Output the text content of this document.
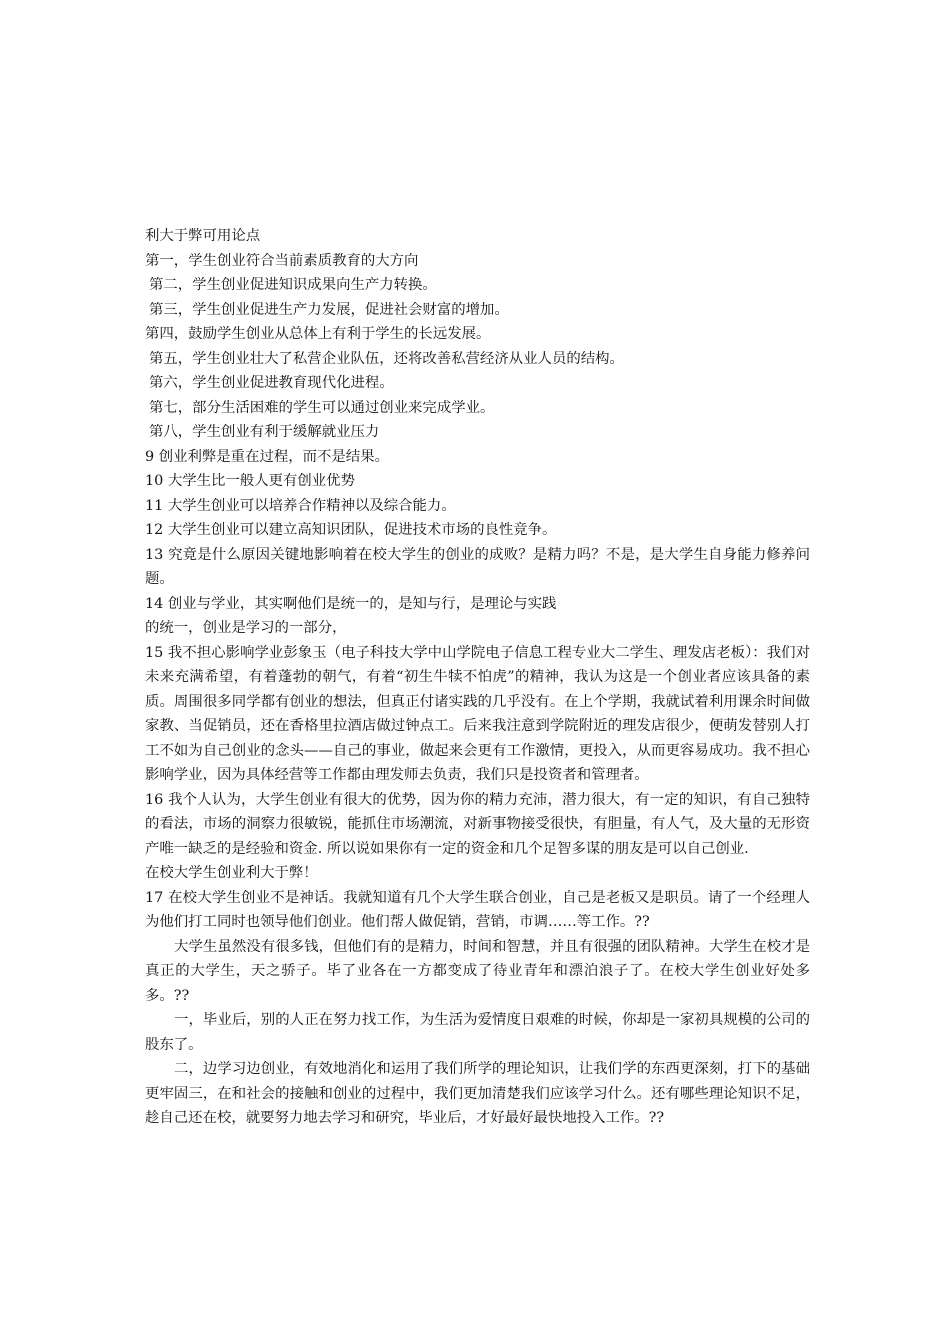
利大于弊可用论点

第一，学生创业符合当前素质教育的大方向

第二，学生创业促进知识成果向生产力转换。

第三，学生创业促进生产力发展，促进社会财富的增加。

第四，鼓励学生创业从总体上有利于学生的长远发展。

第五，学生创业壮大了私营企业队伍，还将改善私营经济从业人员的结构。

第六，学生创业促进教育现代化进程。

第七，部分生活困难的学生可以通过创业来完成学业。

第八，学生创业有利于缓解就业压力

9 创业利弊是重在过程，而不是结果。

10 大学生比一般人更有创业优势

11 大学生创业可以培养合作精神以及综合能力。

12 大学生创业可以建立高知识团队，促进技术市场的良性竞争。

13 究竟是什么原因关键地影响着在校大学生的创业的成败？是精力吗？不是，是大学生自身能力修养问题。

14 创业与学业，其实啊他们是统一的，是知与行，是理论与实践

的统一，创业是学习的一部分，

15 我不担心影响学业彭象玉（电子科技大学中山学院电子信息工程专业大二学生、理发店老板）：我们对未来充满希望，有着蓬勃的朝气，有着“初生牛犊不怕虎”的精神，我认为这是一个创业者应该具备的素质。周围很多同学都有创业的想法，但真正付诸实践的几乎没有。在上个学期，我就试着利用课余时间做家教、当促销员，还在香格里拉酒店做过钟点工。后来我注意到学院附近的理发店很少，便萌发替别人打工不如为自己创业的念头——自己的事业，做起来会更有工作激情，更投入，从而更容易成功。我不担心影响学业，因为具体经营等工作都由理发师去负责，我们只是投资者和管理者。

16 我个人认为，大学生创业有很大的优势，因为你的精力充沛，潜力很大，有一定的知识，有自己独特的看法，市场的洞察力很敏锐，能抓住市场潮流，对新事物接受很快，有胆量，有人气，及大量的无形资产唯一缺乏的是经验和资金. 所以说如果你有一定的资金和几个足智多谋的朋友是可以自己创业.

在校大学生创业利大于弊！

17 在校大学生创业不是神话。我就知道有几个大学生联合创业，自己是老板又是职员。请了一个经理人为他们打工同时也领导他们创业。他们帮人做促销，营销，市调……等工作。??

大学生虽然没有很多钱，但他们有的是精力，时间和智慧，并且有很强的团队精神。大学生在校才是真正的大学生，天之骄子。毕了业各在一方都变成了待业青年和漂泊浪子了。在校大学生创业好处多多。??

一，毕业后，别的人正在努力找工作，为生活为爱情度日艰难的时候，你却是一家初具规模的公司的股东了。

二，边学习边创业，有效地消化和运用了我们所学的理论知识，让我们学的东西更深刻，打下的基础更牢固三，在和社会的接触和创业的过程中，我们更加清楚我们应该学习什么。还有哪些理论知识不足，趁自己还在校，就要努力地去学习和研究，毕业后，才好最好最快地投入工作。??
